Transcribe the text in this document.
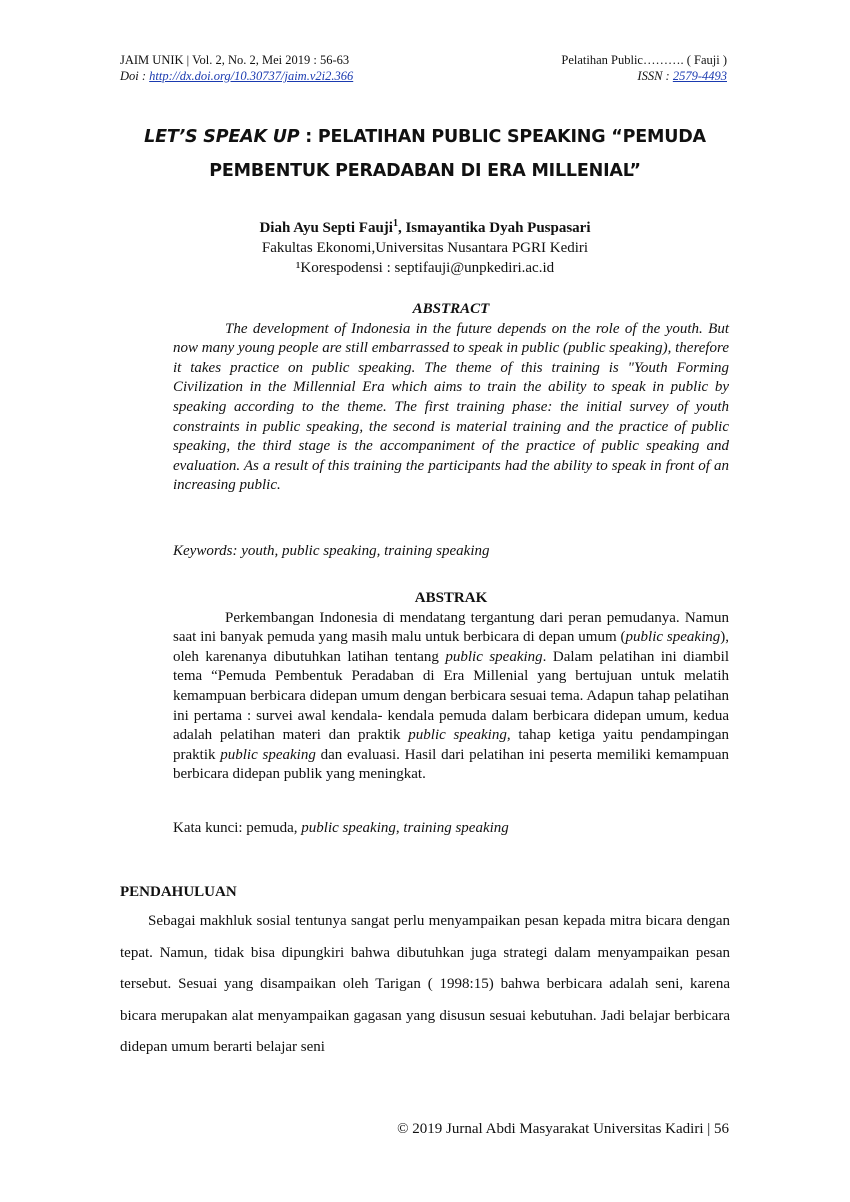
JAIM UNIK | Vol. 2, No. 2, Mei 2019 : 56-63
Doi : http://dx.doi.org/10.30737/jaim.v2i2.366
Pelatihan Public………. ( Fauji )
ISSN : 2579-4493
LET’S SPEAK UP : PELATIHAN PUBLIC SPEAKING “PEMUDA
PEMBENTUK PERADABAN DI ERA MILLENIAL”
Diah Ayu Septi Fauji$^1$, Ismayantika Dyah Puspasari
Fakultas Ekonomi,Universitas Nusantara PGRI Kediri
¹Korespodensi : septifauji@unpkediri.ac.id
ABSTRACT

The development of Indonesia in the future depends on the role of the youth. But now many young people are still embarrassed to speak in public (public speaking), therefore it takes practice on public speaking. The theme of this training is "Youth Forming Civilization in the Millennial Era which aims to train the ability to speak in public by speaking according to the theme. The first training phase: the initial survey of youth constraints in public speaking, the second is material training and the practice of public speaking, the third stage is the accompaniment of the practice of public speaking and evaluation. As a result of this training the participants had the ability to speak in front of an increasing public.

Keywords: youth, public speaking, training speaking
ABSTRAK

Perkembangan Indonesia di mendatang tergantung dari peran pemudanya. Namun saat ini banyak pemuda yang masih malu untuk berbicara di depan umum (public speaking), oleh karenanya dibutuhkan latihan tentang public speaking. Dalam pelatihan ini diambil tema “Pemuda Pembentuk Peradaban di Era Millenial yang bertujuan untuk melatih kemampuan berbicara didepan umum dengan berbicara sesuai tema. Adapun tahap pelatihan ini pertama : survei awal kendala- kendala pemuda dalam berbicara didepan umum, kedua adalah pelatihan materi dan praktik public speaking, tahap ketiga yaitu pendampingan praktik public speaking dan evaluasi. Hasil dari pelatihan ini peserta memiliki kemampuan berbicara didepan publik yang meningkat.

Kata kunci: pemuda, public speaking, training speaking
PENDAHULUAN

Sebagai makhluk sosial tentunya sangat perlu menyampaikan pesan kepada mitra bicara dengan tepat. Namun, tidak bisa dipungkiri bahwa dibutuhkan juga strategi dalam menyampaikan pesan tersebut. Sesuai yang disampaikan oleh Tarigan ( 1998:15) bahwa berbicara adalah seni, karena bicara merupakan alat menyampaikan gagasan yang disusun sesuai kebutuhan. Jadi belajar berbicara didepan umum berarti belajar seni

© 2019 Jurnal Abdi Masyarakat Universitas Kadiri | 56
